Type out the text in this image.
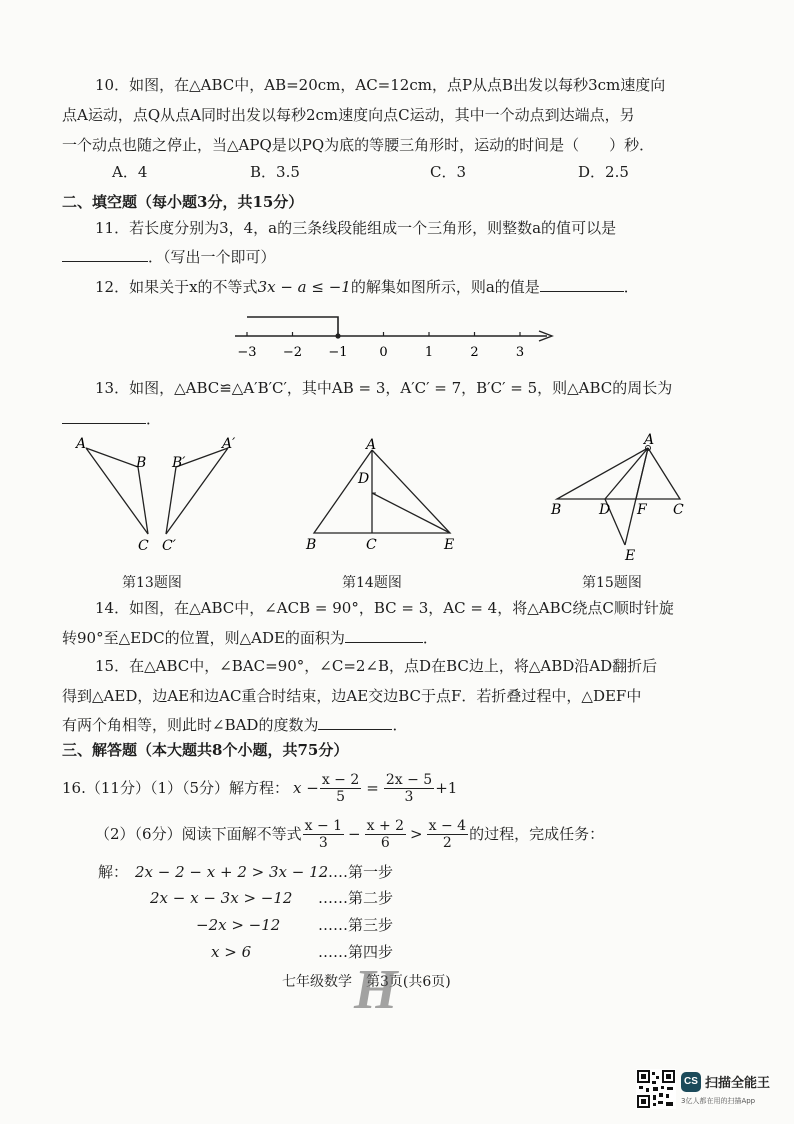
10．如图，在△ABC中，AB=20cm，AC=12cm，点P从点B出发以每秒3cm速度向
点A运动，点Q从点A同时出发以每秒2cm速度向点C运动，其中一个动点到达端点，另
一个动点也随之停止，当△APQ是以PQ为底的等腰三角形时，运动的时间是（　　）秒．
A．4	B．3.5	C．3	D．2.5
二、填空题（每小题3分，共15分）
11．若长度分别为3，4，a的三条线段能组成一个三角形，则整数a的值可以是
．（写出一个即可）
12．如果关于x的不等式3x − a ≤ −1的解集如图所示，则a的值是	．
−3 −2 −1 0	1	2	3
13．如图，△ABC≌△A′B′C′，其中AB = 3，A′C′ = 7，B′C′ = 5，则△ABC的周长为
．
A
B
C
A′
B′
C′
第13题图
A
D
B	C	E
第14题图
A
B	D F C
E
第15题图
14．如图，在△ABC中，∠ACB = 90°，BC = 3，AC = 4，将△ABC绕点C顺时针旋
转90°至△EDC的位置，则△ADE的面积为	．
15．在△ABC中，∠BAC=90°，∠C=2∠B，点D在BC边上，将△ABD沿AD翻折后
得到△AED，边AE和边AC重合时结束，边AE交边BC于点F．若折叠过程中，△DEF中
有两个角相等，则此时∠BAD的度数为	．
三、解答题（本大题共8个小题，共75分）
16.（11分）（1）（5分）解方程： $x - \frac{x - 2}{5} = \frac{2x - 5}{3} +1$
（2）（6分）阅读下面解不等式 $\frac{x - 1}{3} - \frac{x + 2}{6} > \frac{x - 4}{2}$ 的过程，完成任务：
解： 2x − 2 − x + 2 > 3x − 12
……第一步
2x − x − 3x > −12 ……第二步
−2x > −12	……第三步
x > 6	……第四步
七年级数学　第3页(共6页)
H
CS 扫描全能王
3亿人都在用的扫描App
